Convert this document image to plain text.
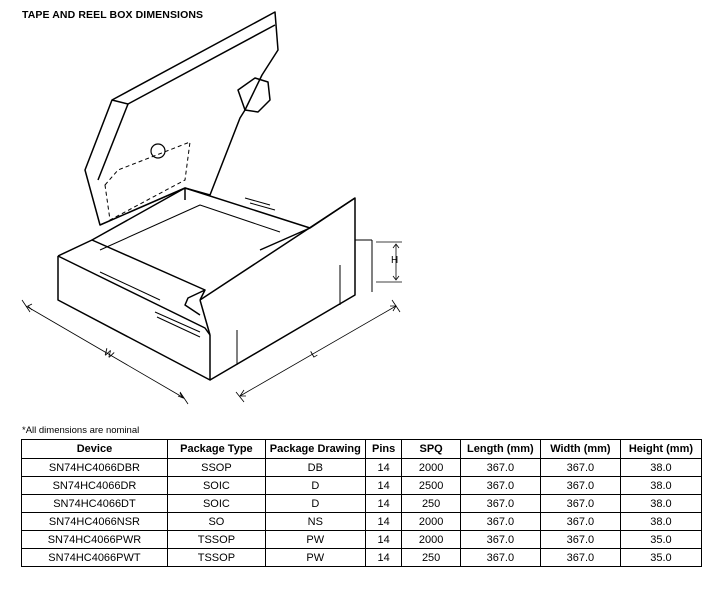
TAPE AND REEL BOX DIMENSIONS
H
W	L
*All dimensions are nominal
Device	Package Type	Package Drawing	Pins	SPQ	Length (mm)	Width (mm)	Height (mm)
SN74HC4066DBR	SSOP	DB	14	2000	367.0	367.0	38.0
SN74HC4066DR	SOIC	D	14	2500	367.0	367.0	38.0
SN74HC4066DT	SOIC	D	14	250	367.0	367.0	38.0
SN74HC4066NSR	SO	NS	14	2000	367.0	367.0	38.0
SN74HC4066PWR	TSSOP	PW	14	2000	367.0	367.0	35.0
SN74HC4066PWT	TSSOP	PW	14	250	367.0	367.0	35.0
